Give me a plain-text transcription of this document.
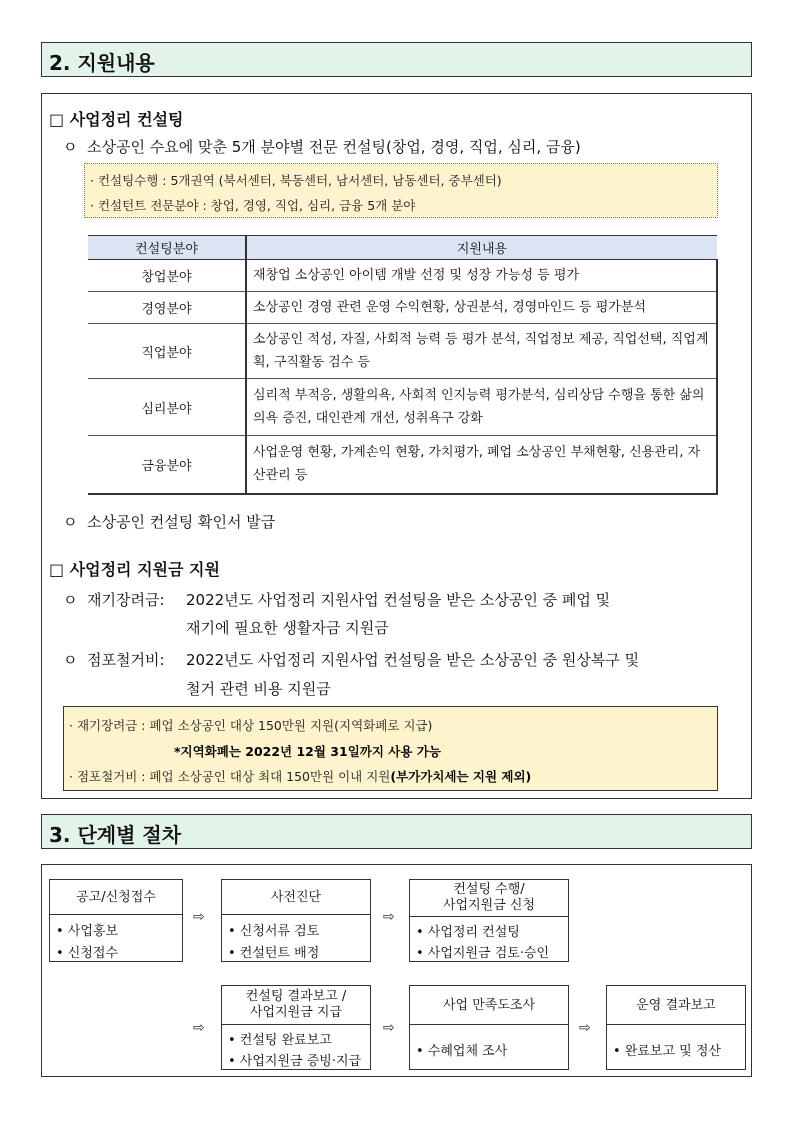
2. 지원내용
□ 사업정리 컨설팅
ㅇ 소상공인 수요에 맞춘 5개 분야별 전문 컨설팅(창업, 경영, 직업, 심리, 금융)
· 컨설팅수행 : 5개권역 (북서센터, 북동센터, 남서센터, 남동센터, 중부센터)
· 컨설턴트 전문분야 : 창업, 경영, 직업, 심리, 금융 5개 분야
컨설팅분야	지원내용
창업분야	재창업 소상공인 아이템 개발 선정 및 성장 가능성 등 평가
경영분야	소상공인 경영 관련 운영 수익현황, 상권분석, 경영마인드 등 평가분석
직업분야	소상공인 적성, 자질, 사회적 능력 등 평가 분석, 직업정보 제공, 직업선택, 직업계획, 구직활동 검수 등
심리분야	심리적 부적응, 생활의욕, 사회적 인지능력 평가분석, 심리상담 수행을 통한 삶의 의욕 증진, 대인관계 개선, 성취욕구 강화
금융분야	사업운영 현황, 가계손익 현황, 가치평가, 폐업 소상공인 부채현황, 신용관리, 자산관리 등
ㅇ 소상공인 컨설팅 확인서 발급
□ 사업정리 지원금 지원
ㅇ 재기장려금: 2022년도 사업정리 지원사업 컨설팅을 받은 소상공인 중 폐업 및
재기에 필요한 생활자금 지원금
ㅇ 점포철거비: 2022년도 사업정리 지원사업 컨설팅을 받은 소상공인 중 원상복구 및
철거 관련 비용 지원금
· 재기장려금 : 폐업 소상공인 대상 150만원 지원(지역화폐로 지급)
*지역화폐는 2022년 12월 31일까지 사용 가능
· 점포철거비 : 폐업 소상공인 대상 최대 150만원 이내 지원(부가가치세는 지원 제외)
3. 단계별 절차
공고/신청접수
• 사업홍보
• 신청접수
⇨
사전진단
• 신청서류 검토
• 컨설턴트 배정
⇨
컨설팅 수행/
사업지원금 신청
• 사업정리 컨설팅
• 사업지원금 검토·승인
⇨
컨설팅 결과보고 /
사업지원금 지급
• 컨설팅 완료보고
• 사업지원금 증빙·지급
⇨
사업 만족도조사
• 수혜업체 조사
⇨
운영 결과보고
• 완료보고 및 정산
